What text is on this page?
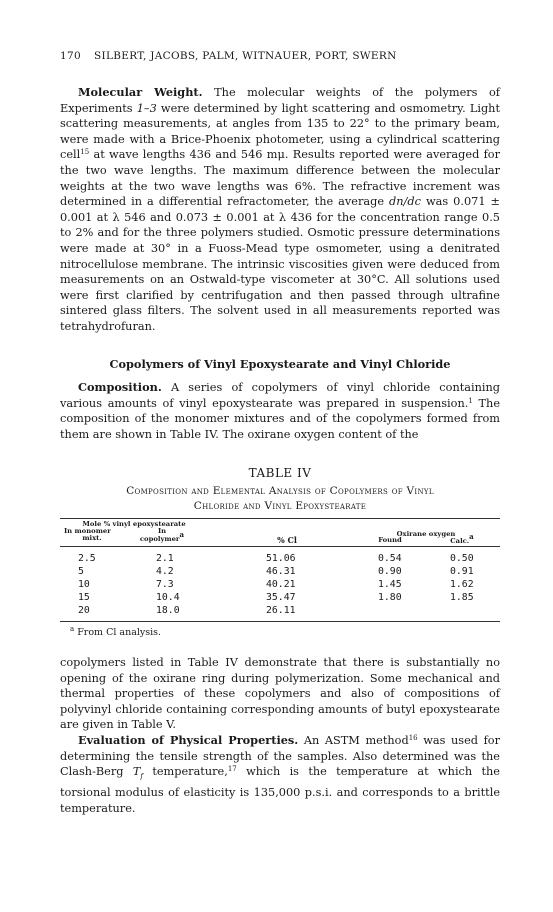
170 SILBERT, JACOBS, PALM, WITNAUER, PORT, SWERN

Molecular Weight. The molecular weights of the polymers of Experiments 1–3 were determined by light scattering and osmometry. Light scattering measurements, at angles from 135 to 22° to the primary beam, were made with a Brice-Phoenix photometer, using a cylindrical scattering cell$^{15}$ at wave lengths 436 and 546 mμ. Results reported were averaged for the two wave lengths. The maximum difference between the molecular weights at the two wave lengths was 6%. The refractive increment was determined in a differential refractometer, the average dn/dc was 0.071 ± 0.001 at λ 546 and 0.073 ± 0.001 at λ 436 for the concentration range 0.5 to 2% and for the three polymers studied. Osmotic pressure determinations were made at 30° in a Fuoss-Mead type osmometer, using a denitrated nitrocellulose membrane. The intrinsic viscosities given were deduced from measurements on an Ostwald-type viscometer at 30°C. All solutions used were first clarified by centrifugation and then passed through ultrafine sintered glass filters. The solvent used in all measurements reported was tetrahydrofuran.

Copolymers of Vinyl Epoxystearate and Vinyl Chloride

Composition. A series of copolymers of vinyl chloride containing various amounts of vinyl epoxystearate was prepared in suspension.$^1$ The composition of the monomer mixtures and of the copolymers formed from them are shown in Table IV. The oxirane oxygen content of the

TABLE IV
Composition and Elemental Analysis of Copolymers of Vinyl
Chloride and Vinyl Epoxystearate
Mole % vinyl epoxystearate
In monomer
mixt.
In
copolymer$^a$
% Cl
Oxirane oxygen
Found	Calc.$^a$
2.5	2.1	51.06	0.54	0.50
5	4.2	46.31	0.90	0.91
10	7.3	40.21	1.45	1.62
15	10.4	35.47	1.80	1.85
20	18.0	26.11
$^a$ From Cl analysis.

copolymers listed in Table IV demonstrate that there is substantially no opening of the oxirane ring during polymerization. Some mechanical and thermal properties of these copolymers and also of compositions of polyvinyl chloride containing corresponding amounts of butyl epoxystearate are given in Table V.

Evaluation of Physical Properties. An ASTM method$^{16}$ was used for determining the tensile strength of the samples. Also determined was the Clash-Berg $T_f$ temperature,$^{17}$ which is the temperature at which the torsional modulus of elasticity is 135,000 p.s.i. and corresponds to a brittle temperature.
